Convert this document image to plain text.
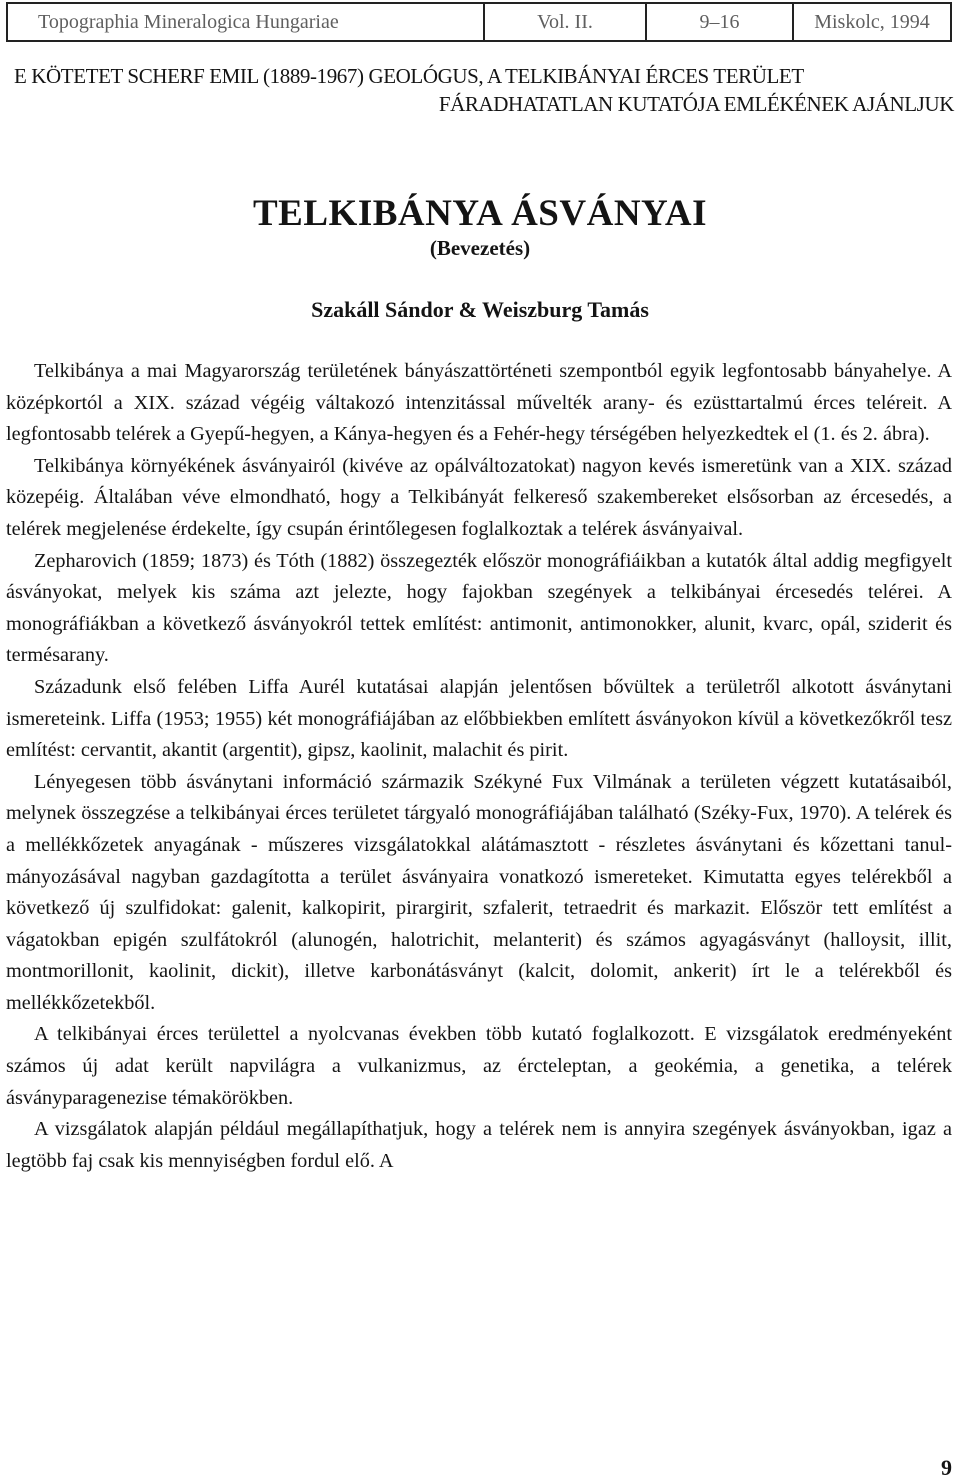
Topographia Mineralogica Hungariae	Vol. II.	9–16	Miskolc, 1994
E KÖTETET SCHERF EMIL (1889-1967) GEOLÓGUS, A TELKIBÁNYAI ÉRCES TERÜLET
FÁRADHATATLAN KUTATÓJA EMLÉKÉNEK AJÁNLJUK
TELKIBÁNYA ÁSVÁNYAI
(Bevezetés)
Szakáll Sándor & Weiszburg Tamás

Telkibánya a mai Magyarország területének bányászattörténeti szempontból egyik legfontosabb bányahelye. A középkortól a XIX. század végéig váltakozó intenzitással művelték arany- és ezüsttartalmú érces teléreit. A legfontosabb telérek a Gyepű-hegyen, a Kánya-hegyen és a Fehér-hegy térségében helyezkedtek el (1. és 2. ábra).

Telkibánya környékének ásványairól (kivéve az opálváltozatokat) nagyon kevés ismeretünk van a XIX. század közepéig. Általában véve elmondható, hogy a Telkibányát felkereső szakembereket elsősorban az ércesedés, a telérek megjelenése érdekelte, így csupán érintőlegesen foglalkoztak a telérek ásványaival.

Zepharovich (1859; 1873) és Tóth (1882) összegezték először monográfiáikban a kutatók által addig megfigyelt ásványokat, melyek kis száma azt jelezte, hogy fajokban szegények a telkibányai ércesedés telérei. A monográfiákban a következő ásványokról tettek említést: antimonit, antimonokker, alunit, kvarc, opál, sziderit és termésarany.

Századunk első felében Liffa Aurél kutatásai alapján jelentősen bővültek a területről alkotott ásványtani ismereteink. Liffa (1953; 1955) két monográfiájában az előbbiekben említett ásványokon kívül a következőkről tesz említést: cervantit, akantit (argentit), gipsz, kaolinit, malachit és pirit.

Lényegesen több ásványtani információ származik Székyné Fux Vilmának a területen végzett kutatásaiból, melynek összegzése a telkibányai érces területet tárgyaló monográfiájában található (Széky-Fux, 1970). A telérek és a mellékkőzetek anyagának - műszeres vizsgálatokkal alátámasztott - részletes ásványtani és kőzettani tanulmányozásával nagyban gazdagította a terület ásványaira vonatkozó ismereteket. Kimutatta egyes telérekből a következő új szulfidokat: galenit, kalkopirit, pirargirit, szfalerit, tetraedrit és markazit. Először tett említést a vágatokban epigén szulfátokról (alunogén, halotrichit, melanterit) és számos agyagásványt (halloysit, illit, montmorillonit, kaolinit, dickit), illetve karbonátásványt (kalcit, dolomit, ankerit) írt le a telérekből és mellékkőzetekből.

A telkibányai érces területtel a nyolcvanas években több kutató foglalkozott. E vizsgálatok eredményeként számos új adat került napvilágra a vulkanizmus, az ércteleptan, a geokémia, a genetika, a telérek ásványparagenezise témakörökben.

A vizsgálatok alapján például megállapíthatjuk, hogy a telérek nem is annyira szegények ásványokban, igaz a legtöbb faj csak kis mennyiségben fordul elő. A

9
